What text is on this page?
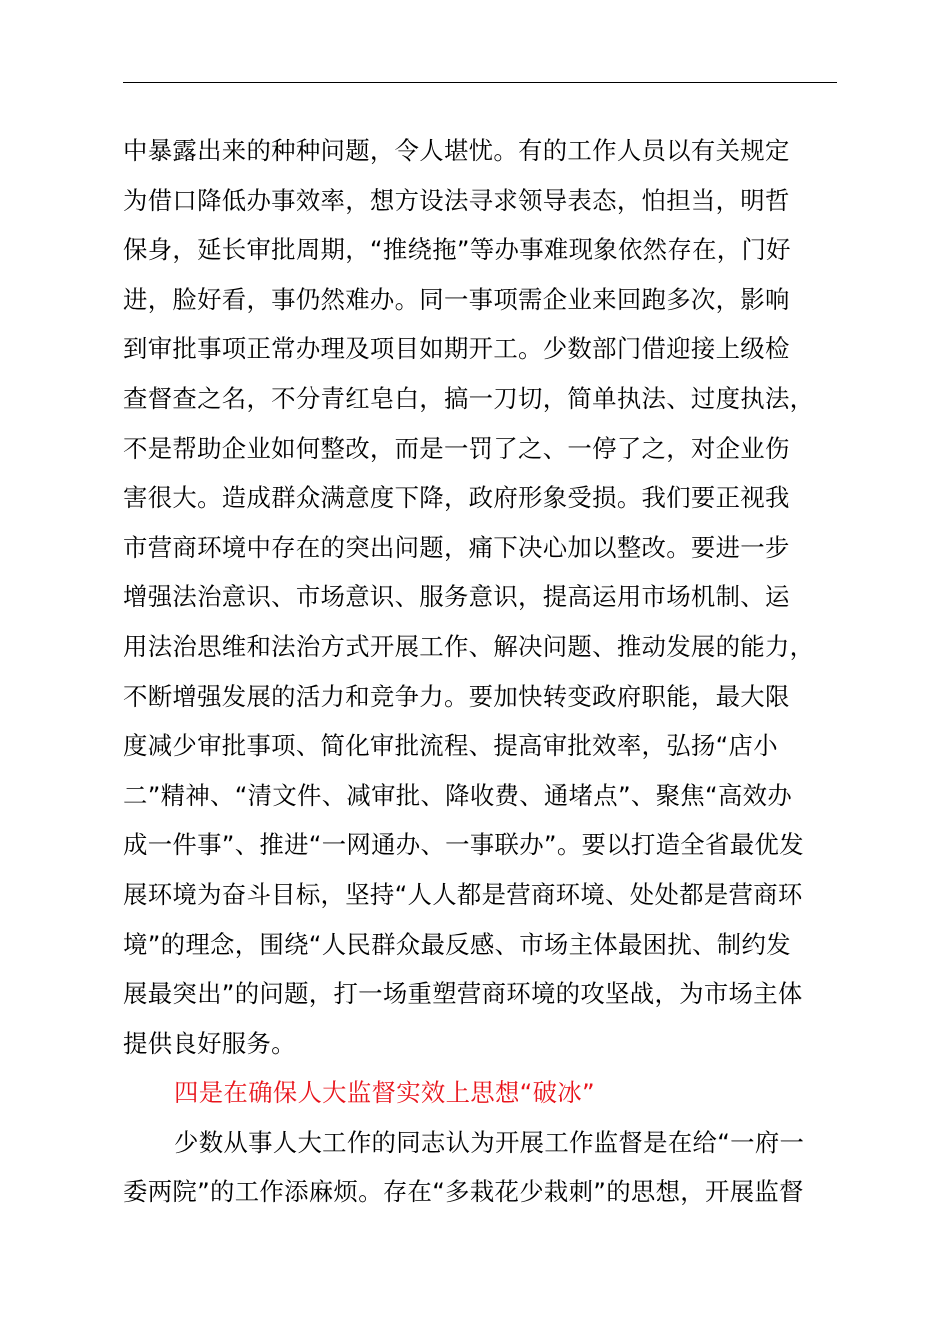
中暴露出来的种种问题，令人堪忧。有的工作人员以有关规定
为借口降低办事效率，想方设法寻求领导表态，怕担当，明哲
保身，延长审批周期，“推绕拖”等办事难现象依然存在，门好
进，脸好看，事仍然难办。同一事项需企业来回跑多次，影响
到审批事项正常办理及项目如期开工。少数部门借迎接上级检
查督查之名，不分青红皂白，搞一刀切，简单执法、过度执法，
不是帮助企业如何整改，而是一罚了之、一停了之，对企业伤
害很大。造成群众满意度下降，政府形象受损。我们要正视我
市营商环境中存在的突出问题，痛下决心加以整改。要进一步
增强法治意识、市场意识、服务意识，提高运用市场机制、运
用法治思维和法治方式开展工作、解决问题、推动发展的能力，
不断增强发展的活力和竞争力。要加快转变政府职能，最大限
度减少审批事项、简化审批流程、提高审批效率，弘扬“店小
二”精神、“清文件、减审批、降收费、通堵点”、聚焦“高效办
成一件事”、推进“一网通办、一事联办”。要以打造全省最优发
展环境为奋斗目标，坚持“人人都是营商环境、处处都是营商环
境”的理念，围绕“人民群众最反感、市场主体最困扰、制约发
展最突出”的问题，打一场重塑营商环境的攻坚战，为市场主体
提供良好服务。
四是在确保人大监督实效上思想“破冰”
少数从事人大工作的同志认为开展工作监督是在给“一府一
委两院”的工作添麻烦。存在“多栽花少栽刺”的思想，开展监督
